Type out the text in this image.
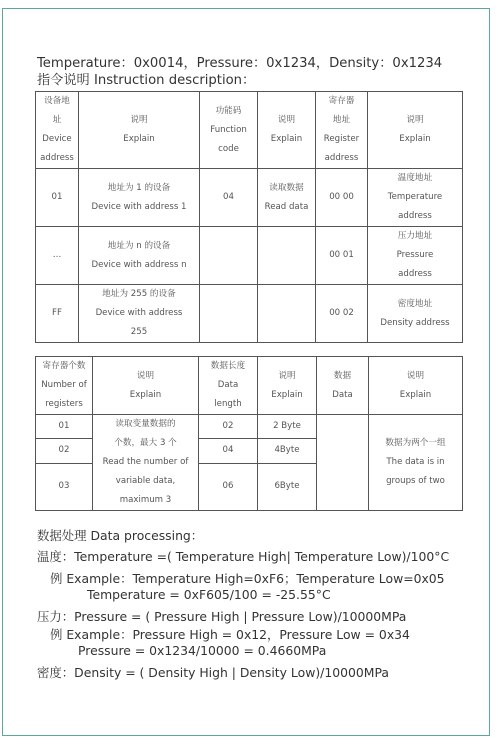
Temperature：0x0014，Pressure：0x1234，Density：0x1234
指令说明 Instruction description：
设备地
址
Device
address	说明
Explain	功能码
Function
code	说明
Explain	寄存器
地址
Register
address	说明
Explain
01	地址为 1 的设备
Device with address 1	04	读取数据
Read data	00 00	温度地址
Temperature
address
…	地址为 n 的设备
Device with address n			00 01	压力地址
Pressure
address
FF	地址为 255 的设备
Device with address
255			00 02	密度地址
Density address
寄存器个数
Number of
registers	说明
Explain	数据长度
Data
length	说明
Explain	数据
Data	说明
Explain
01	读取变量数据的
个数，最大 3 个
Read the number of
variable data,
maximum 3	02	2 Byte		数据为两个一组
The data is in
groups of two
02		04	4Byte		
03		06	6Byte		
数据处理 Data processing：
温度：Temperature =( Temperature High| Temperature Low)/100°C
例 Example：Temperature High=0xF6；Temperature Low=0x05
Temperature = 0xF605/100 = -25.55°C
压力：Pressure = ( Pressure High | Pressure Low)/10000MPa
例 Example：Pressure High = 0x12，Pressure Low = 0x34
Pressure = 0x1234/10000 = 0.4660MPa
密度：Density = ( Density High | Density Low)/10000MPa
